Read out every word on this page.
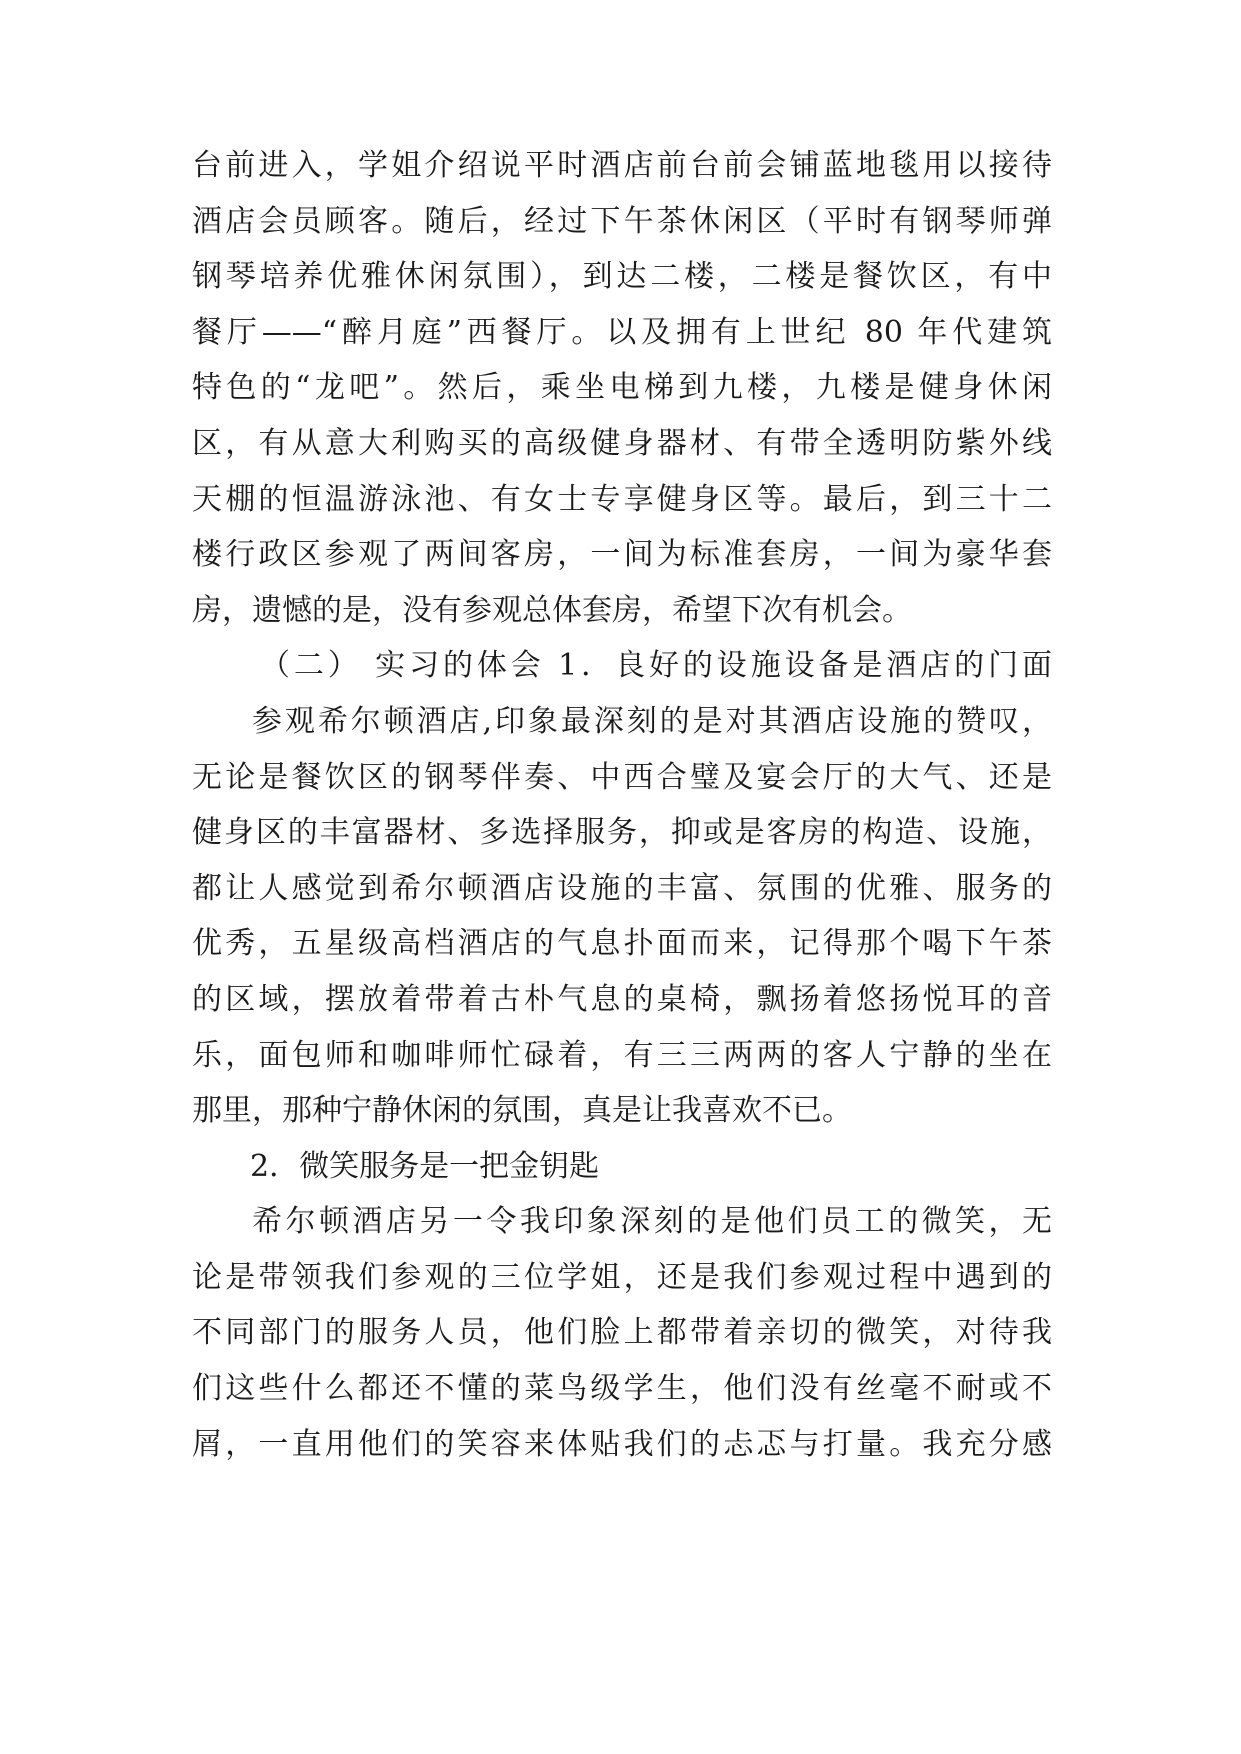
台前进入，学姐介绍说平时酒店前台前会铺蓝地毯用以接待
酒店会员顾客。随后，经过下午茶休闲区（平时有钢琴师弹
钢琴培养优雅休闲氛围），到达二楼，二楼是餐饮区，有中
餐厅——“醉月庭”西餐厅。以及拥有上世纪 80 年代建筑
特色的“龙吧”。然后，乘坐电梯到九楼，九楼是健身休闲
区，有从意大利购买的高级健身器材、有带全透明防紫外线
天棚的恒温游泳池、有女士专享健身区等。最后，到三十二
楼行政区参观了两间客房，一间为标准套房，一间为豪华套
房，遗憾的是，没有参观总体套房，希望下次有机会。
（二） 实习的体会 1．良好的设施设备是酒店的门面
参观希尔顿酒店,印象最深刻的是对其酒店设施的赞叹，
无论是餐饮区的钢琴伴奏、中西合璧及宴会厅的大气、还是
健身区的丰富器材、多选择服务，抑或是客房的构造、设施，
都让人感觉到希尔顿酒店设施的丰富、氛围的优雅、服务的
优秀，五星级高档酒店的气息扑面而来，记得那个喝下午茶
的区域，摆放着带着古朴气息的桌椅，飘扬着悠扬悦耳的音
乐，面包师和咖啡师忙碌着，有三三两两的客人宁静的坐在
那里，那种宁静休闲的氛围，真是让我喜欢不已。
2．微笑服务是一把金钥匙
希尔顿酒店另一令我印象深刻的是他们员工的微笑，无
论是带领我们参观的三位学姐，还是我们参观过程中遇到的
不同部门的服务人员，他们脸上都带着亲切的微笑，对待我
们这些什么都还不懂的菜鸟级学生，他们没有丝毫不耐或不
屑，一直用他们的笑容来体贴我们的忐忑与打量。我充分感
